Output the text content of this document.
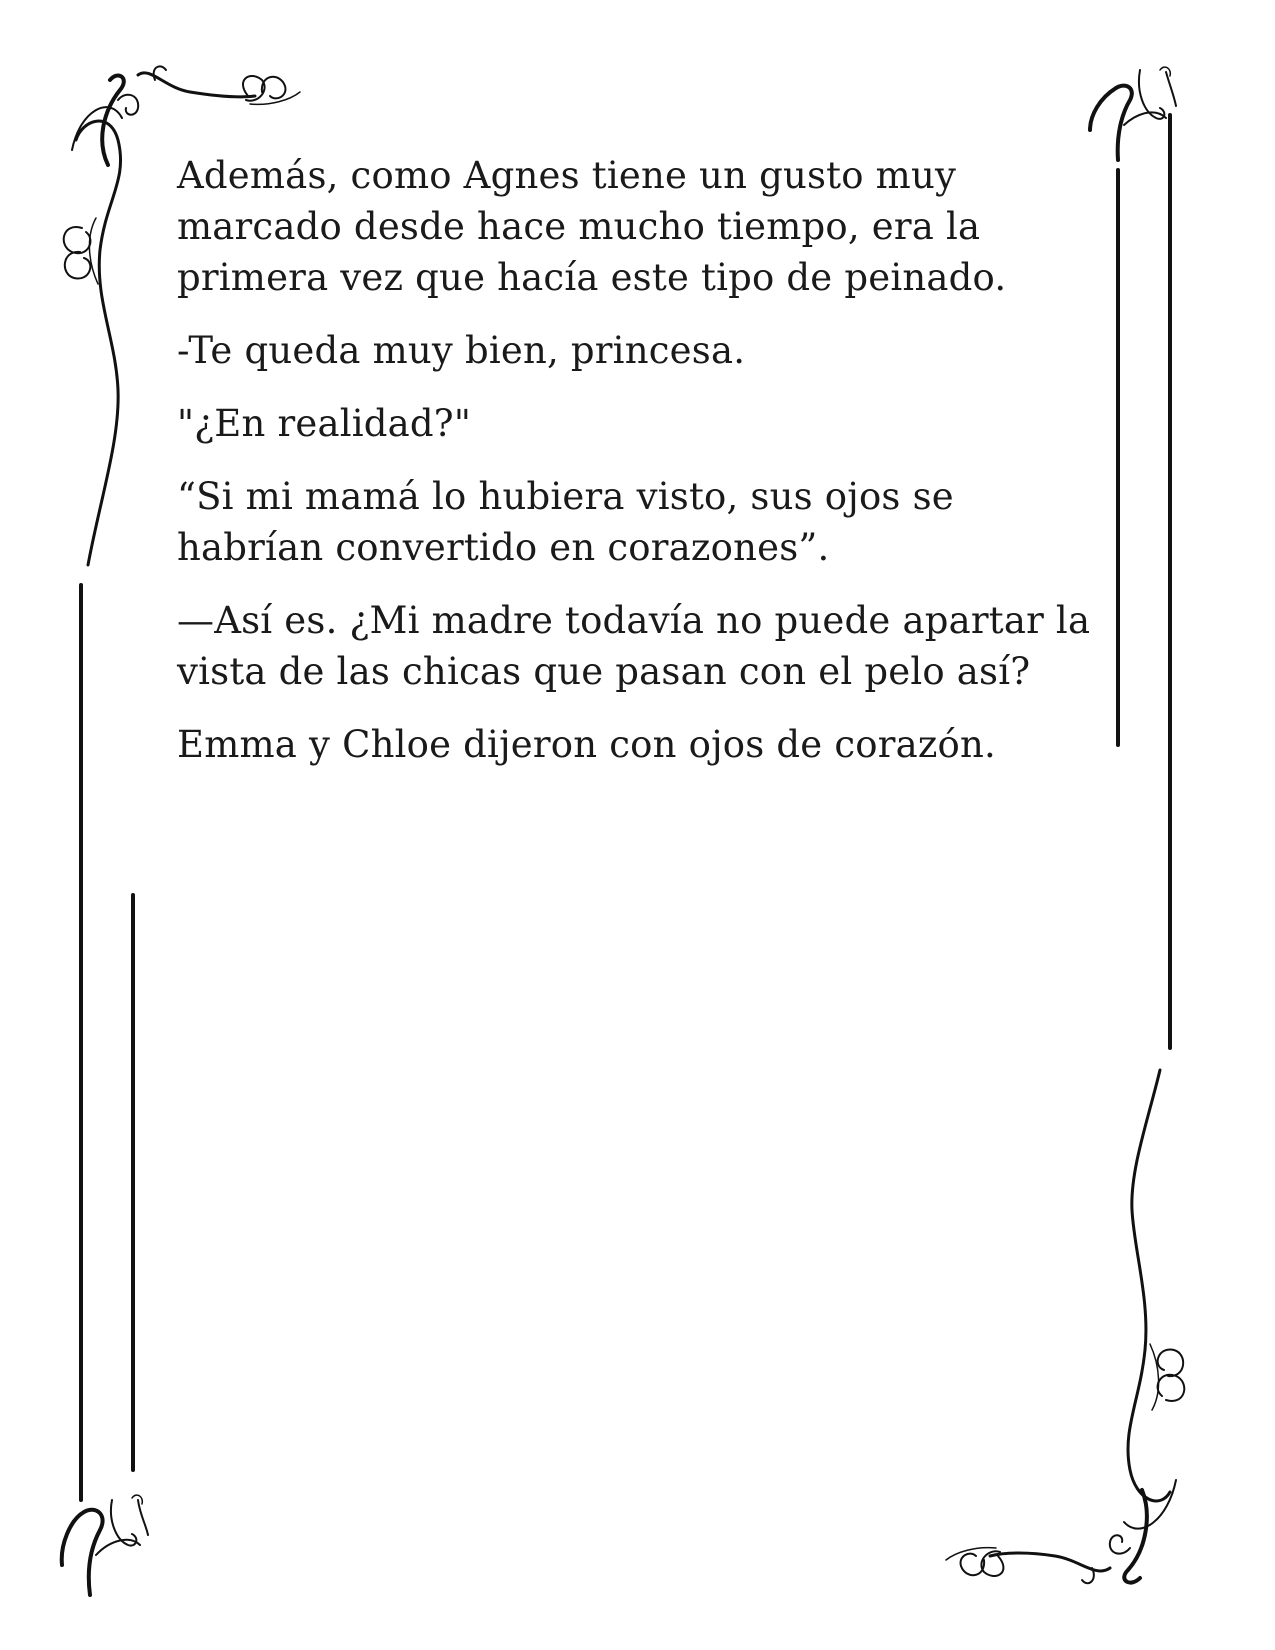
Además, como Agnes tiene un gusto muy marcado desde hace mucho tiempo, era la primera vez que hacía este tipo de peinado.

-Te queda muy bien, princesa.

"¿En realidad?"

“Si mi mamá lo hubiera visto, sus ojos se habrían convertido en corazones”.

—Así es. ¿Mi madre todavía no puede apartar la vista de las chicas que pasan con el pelo así?

Emma y Chloe dijeron con ojos de corazón.
